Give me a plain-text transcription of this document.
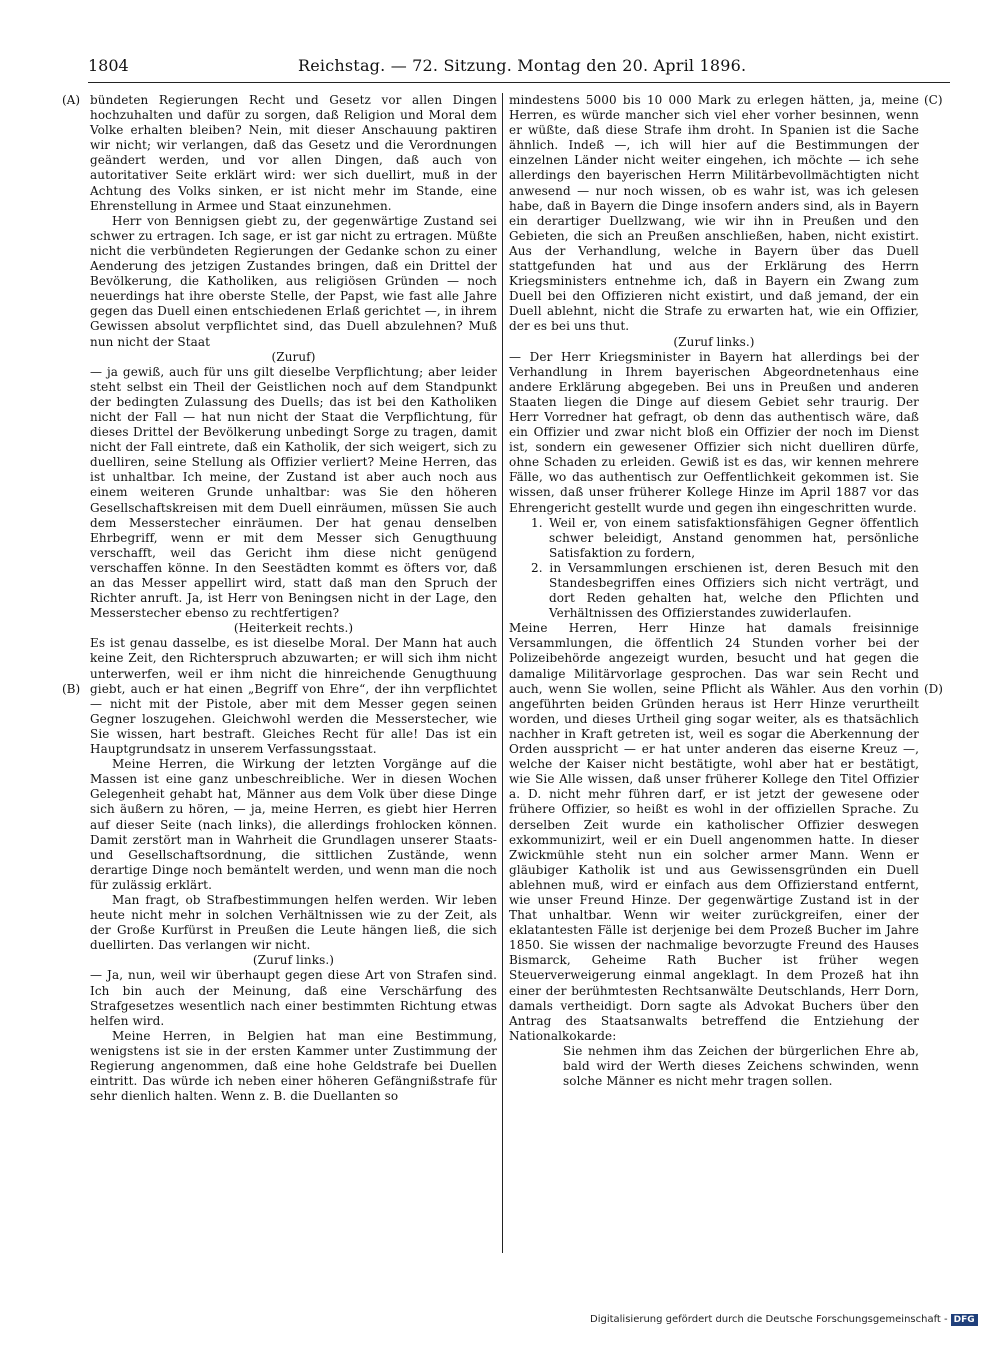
1804	Reichstag. — 72. Sitzung. Montag den 20. April 1896.
(A)
(B)
(C)
(D)

bündeten Regierungen Recht und Gesetz vor allen Dingen hochzuhalten und dafür zu sorgen, daß Religion und Moral dem Volke erhalten bleiben? Nein, mit dieser Anschauung paktiren wir nicht; wir verlangen, daß das Gesetz und die Verordnungen geändert werden, und vor allen Dingen, daß auch von autoritativer Seite erklärt wird: wer sich duellirt, muß in der Achtung des Volks sinken, er ist nicht mehr im Stande, eine Ehrenstellung in Armee und Staat einzunehmen.

Herr von Bennigsen giebt zu, der gegenwärtige Zustand sei schwer zu ertragen. Ich sage, er ist gar nicht zu ertragen. Müßte nicht die verbündeten Regierungen der Gedanke schon zu einer Aenderung des jetzigen Zustandes bringen, daß ein Drittel der Bevölkerung, die Katholiken, aus religiösen Gründen — noch neuerdings hat ihre oberste Stelle, der Papst, wie fast alle Jahre gegen das Duell einen entschiedenen Erlaß gerichtet —, in ihrem Gewissen absolut verpflichtet sind, das Duell abzulehnen? Muß nun nicht der Staat

(Zuruf)

— ja gewiß, auch für uns gilt dieselbe Verpflichtung; aber leider steht selbst ein Theil der Geistlichen noch auf dem Standpunkt der bedingten Zulassung des Duells; das ist bei den Katholiken nicht der Fall — hat nun nicht der Staat die Verpflichtung, für dieses Drittel der Bevölkerung unbedingt Sorge zu tragen, damit nicht der Fall eintrete, daß ein Katholik, der sich weigert, sich zu duelliren, seine Stellung als Offizier verliert? Meine Herren, das ist unhaltbar. Ich meine, der Zustand ist aber auch noch aus einem weiteren Grunde unhaltbar: was Sie den höheren Gesellschaftskreisen mit dem Duell einräumen, müssen Sie auch dem Messerstecher einräumen. Der hat genau denselben Ehrbegriff, wenn er mit dem Messer sich Genugthuung verschafft, weil das Gericht ihm diese nicht genügend verschaffen könne. In den Seestädten kommt es öfters vor, daß an das Messer appellirt wird, statt daß man den Spruch der Richter anruft. Ja, ist Herr von Beningsen nicht in der Lage, den Messerstecher ebenso zu rechtfertigen?

(Heiterkeit rechts.)

Es ist genau dasselbe, es ist dieselbe Moral. Der Mann hat auch keine Zeit, den Richterspruch abzuwarten; er will sich ihm nicht unterwerfen, weil er ihm nicht die hinreichende Genugthuung giebt, auch er hat einen „Begriff von Ehre“, der ihn verpflichtet — nicht mit der Pistole, aber mit dem Messer gegen seinen Gegner loszugehen. Gleichwohl werden die Messerstecher, wie Sie wissen, hart bestraft. Gleiches Recht für alle! Das ist ein Hauptgrundsatz in unserem Verfassungsstaat.

Meine Herren, die Wirkung der letzten Vorgänge auf die Massen ist eine ganz unbeschreibliche. Wer in diesen Wochen Gelegenheit gehabt hat, Männer aus dem Volk über diese Dinge sich äußern zu hören, — ja, meine Herren, es giebt hier Herren auf dieser Seite (nach links), die allerdings frohlocken können. Damit zerstört man in Wahrheit die Grundlagen unserer Staats- und Gesellschaftsordnung, die sittlichen Zustände, wenn derartige Dinge noch bemäntelt werden, und wenn man die noch für zulässig erklärt.

Man fragt, ob Strafbestimmungen helfen werden. Wir leben heute nicht mehr in solchen Verhältnissen wie zu der Zeit, als der Große Kurfürst in Preußen die Leute hängen ließ, die sich duellirten. Das verlangen wir nicht.

(Zuruf links.)

— Ja, nun, weil wir überhaupt gegen diese Art von Strafen sind. Ich bin auch der Meinung, daß eine Verschärfung des Strafgesetzes wesentlich nach einer bestimmten Richtung etwas helfen wird.

Meine Herren, in Belgien hat man eine Bestimmung, wenigstens ist sie in der ersten Kammer unter Zustimmung der Regierung angenommen, daß eine hohe Geldstrafe bei Duellen eintritt. Das würde ich neben einer höheren Gefängnißstrafe für sehr dienlich halten. Wenn z. B. die Duellanten so

mindestens 5000 bis 10 000 Mark zu erlegen hätten, ja, meine Herren, es würde mancher sich viel eher vorher besinnen, wenn er wüßte, daß diese Strafe ihm droht. In Spanien ist die Sache ähnlich. Indeß —, ich will hier auf die Bestimmungen der einzelnen Länder nicht weiter eingehen, ich möchte — ich sehe allerdings den bayerischen Herrn Militärbevollmächtigten nicht anwesend — nur noch wissen, ob es wahr ist, was ich gelesen habe, daß in Bayern die Dinge insofern anders sind, als in Bayern ein derartiger Duellzwang, wie wir ihn in Preußen und den Gebieten, die sich an Preußen anschließen, haben, nicht existirt. Aus der Verhandlung, welche in Bayern über das Duell stattgefunden hat und aus der Erklärung des Herrn Kriegsministers entnehme ich, daß in Bayern ein Zwang zum Duell bei den Offizieren nicht existirt, und daß jemand, der ein Duell ablehnt, nicht die Strafe zu erwarten hat, wie ein Offizier, der es bei uns thut.

(Zuruf links.)

— Der Herr Kriegsminister in Bayern hat allerdings bei der Verhandlung in Ihrem bayerischen Abgeordnetenhaus eine andere Erklärung abgegeben. Bei uns in Preußen und anderen Staaten liegen die Dinge auf diesem Gebiet sehr traurig. Der Herr Vorredner hat gefragt, ob denn das authentisch wäre, daß ein Offizier und zwar nicht bloß ein Offizier der noch im Dienst ist, sondern ein gewesener Offizier sich nicht duelliren dürfe, ohne Schaden zu erleiden. Gewiß ist es das, wir kennen mehrere Fälle, wo das authentisch zur Oeffentlichkeit gekommen ist. Sie wissen, daß unser früherer Kollege Hinze im April 1887 vor das Ehrengericht gestellt wurde und gegen ihn eingeschritten wurde.

1. Weil er, von einem satisfaktionsfähigen Gegner öffentlich schwer beleidigt, Anstand genommen hat, persönliche Satisfaktion zu fordern,

2. in Versammlungen erschienen ist, deren Besuch mit den Standesbegriffen eines Offiziers sich nicht verträgt, und dort Reden gehalten hat, welche den Pflichten und Verhältnissen des Offizierstandes zuwiderlaufen.

Meine Herren, Herr Hinze hat damals freisinnige Versammlungen, die öffentlich 24 Stunden vorher bei der Polizeibehörde angezeigt wurden, besucht und hat gegen die damalige Militärvorlage gesprochen. Das war sein Recht und auch, wenn Sie wollen, seine Pflicht als Wähler. Aus den vorhin angeführten beiden Gründen heraus ist Herr Hinze verurtheilt worden, und dieses Urtheil ging sogar weiter, als es thatsächlich nachher in Kraft getreten ist, weil es sogar die Aberkennung der Orden ausspricht — er hat unter anderen das eiserne Kreuz —, welche der Kaiser nicht bestätigte, wohl aber hat er bestätigt, wie Sie Alle wissen, daß unser früherer Kollege den Titel Offizier a. D. nicht mehr führen darf, er ist jetzt der gewesene oder frühere Offizier, so heißt es wohl in der offiziellen Sprache. Zu derselben Zeit wurde ein katholischer Offizier deswegen exkommunizirt, weil er ein Duell angenommen hatte. In dieser Zwickmühle steht nun ein solcher armer Mann. Wenn er gläubiger Katholik ist und aus Gewissensgründen ein Duell ablehnen muß, wird er einfach aus dem Offizierstand entfernt, wie unser Freund Hinze. Der gegenwärtige Zustand ist in der That unhaltbar. Wenn wir weiter zurückgreifen, einer der eklatantesten Fälle ist derjenige bei dem Prozeß Bucher im Jahre 1850. Sie wissen der nachmalige bevorzugte Freund des Hauses Bismarck, Geheime Rath Bucher ist früher wegen Steuerverweigerung einmal angeklagt. In dem Prozeß hat ihn einer der berühmtesten Rechtsanwälte Deutschlands, Herr Dorn, damals vertheidigt. Dorn sagte als Advokat Buchers über den Antrag des Staatsanwalts betreffend die Entziehung der Nationalkokarde:

Sie nehmen ihm das Zeichen der bürgerlichen Ehre ab, bald wird der Werth dieses Zeichens schwinden, wenn solche Männer es nicht mehr tragen sollen.

Digitalisierung gefördert durch die Deutsche Forschungsgemeinschaft - DFG
